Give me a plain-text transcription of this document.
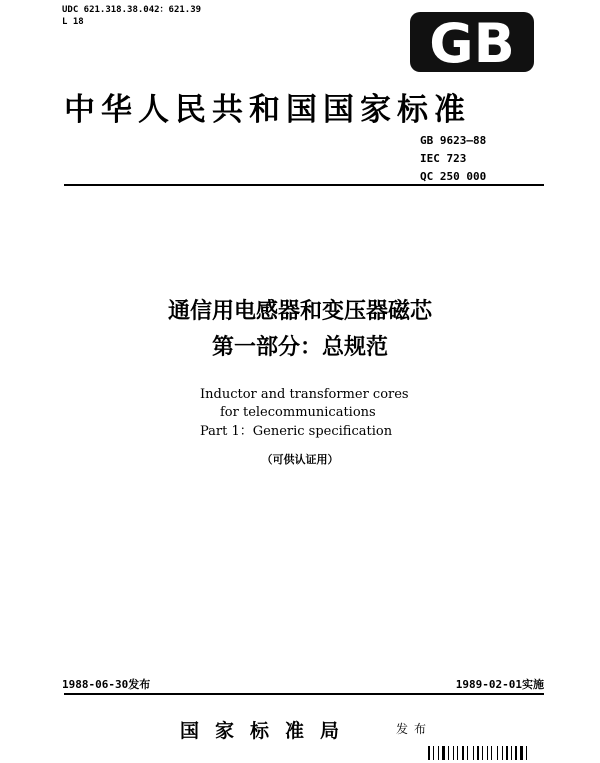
UDC 621.318.38.042：621.39
L 18	GB
中华人民共和国国家标准
GB 9623—88
IEC 723
QC 250 000
通信用电感器和变压器磁芯
第一部分：总规范
Inductor and transformer cores
for telecommunications
Part 1：Generic specification
（可供认证用）
1988-06-30发布	1989-02-01实施
国家标准局	发布
